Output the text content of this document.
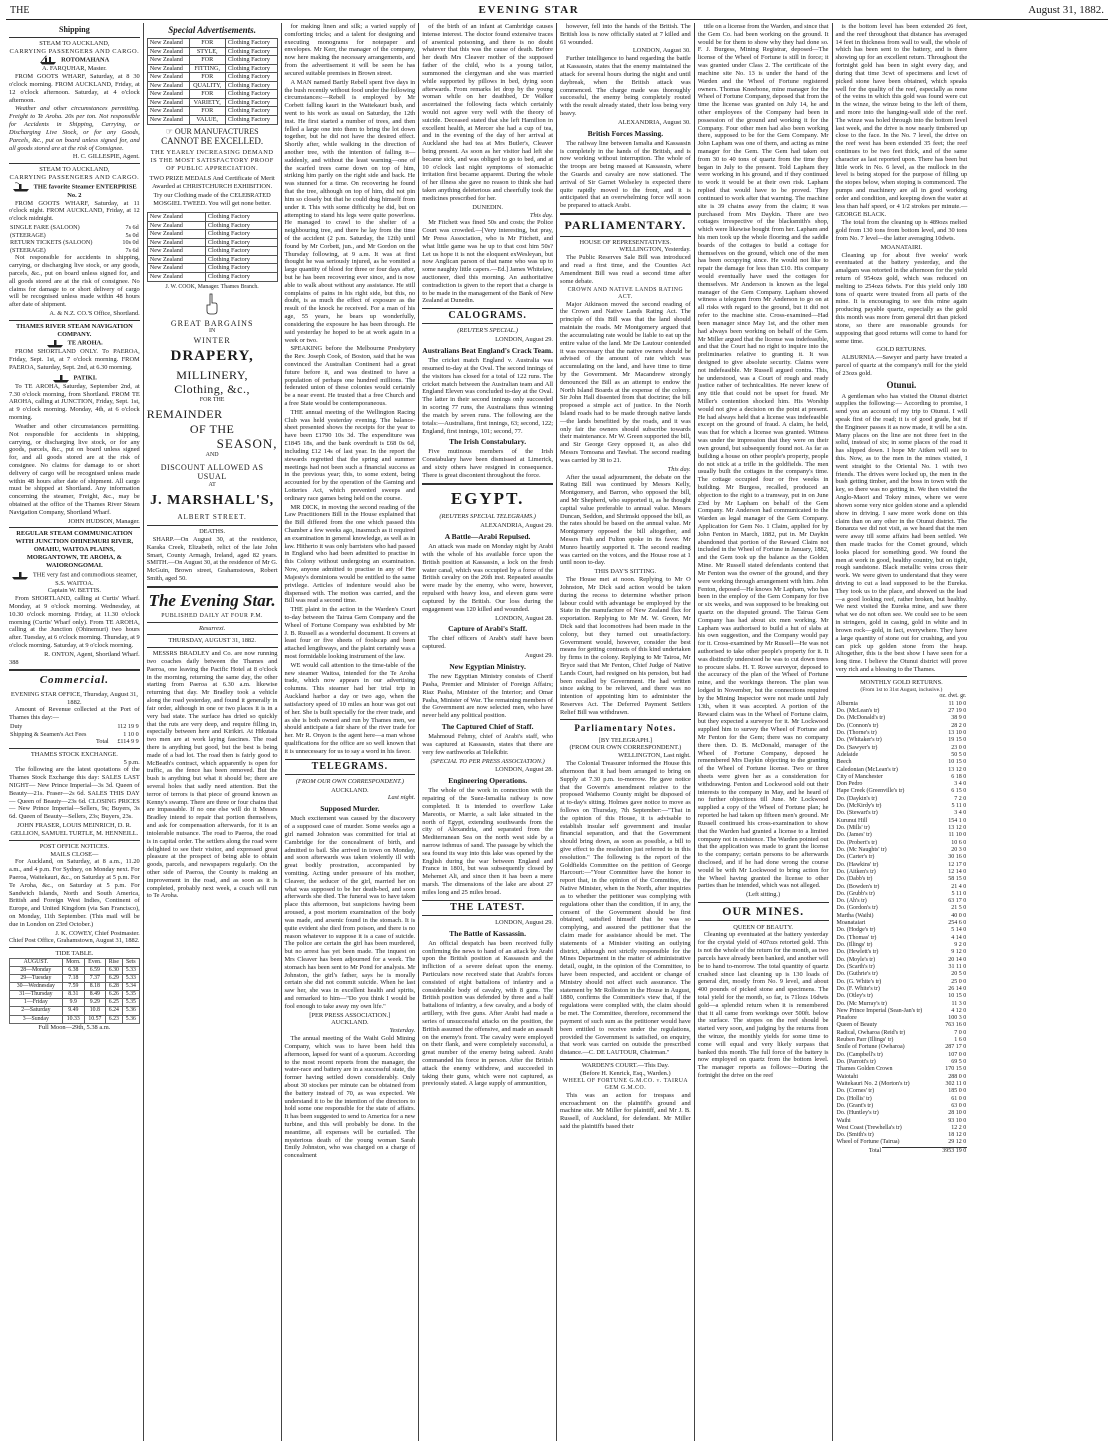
THE	EVENING STAR	August 31, 1882.
Shipping
STEAM TO AUCKLAND,
CARRYING PASSENGERS AND CARGO.
ROTOMAHANA
A. FARQUHAR, Master.

FROM GOOTS WHARF, Saturday, at 8 30 o'clock morning. FROM AUCKLAND, Friday, at 12 o'clock afternoon. Saturday, at 4 o'clock afternoon.

Weather and other circumstances permitting. Freight to Te Aroha. 20s per ton. Not responsible for Accidents in Shipping, Carrying, or Discharging Live Stock, or for any Goods, Parcels, &c., put on board unless signed for, and all goods stored are at the risk of Consignee.

H. C. GILLESPIE, Agent.
STEAM TO AUCKLAND,
CARRYING PASSENGERS AND CARGO.
THE favorite Steamer ENTERPRISE No. 2

FROM GOOTS WHARF, Saturday, at 11 o'clock night. FROM AUCKLAND, Friday, at 12 o'clock midnight.

SINGLE FARE (SALOON)	7s 6d
(STEERAGE)	5s 0d
RETURN TICKETS (SALOON)	10s 0d
(STEERAGE)	7s 6d

Not responsible for accidents in shipping, carrying, or discharging live stock, or any goods, parcels, &c., put on board unless signed for, and all goods stored are at the risk of consignee. No claims for damage to or short delivery of cargo will be recognised unless made within 48 hours after date of shipment.

A. & N.Z. CO.'S Office, Shortland.
THAMES RIVER STEAM NAVIGATION COMPANY.
TE AROHA.

FROM SHORTLAND ONLY. To PAEROA, Friday, Sept. 1st, at 7 o'clock morning. FROM PAEROA, Saturday, Sept. 2nd, at 6.30 morning.

PATIKI.

To TE AROHA, Saturday, September 2nd, at 7.30 o'clock morning, from Shortland. FROM TE AROHA, calling at JUNCTION, Friday, Sept. 1st, at 9 o'clock morning. Monday, 4th, at 6 o'clock morning.

Weather and other circumstances permitting. Not responsible for accidents in shipping, carrying, or discharging live stock, or for any goods, parcels, &c., put on board unless signed for, and all goods stored are at the risk of consignee. No claims for damage to or short delivery of cargo will be recognised unless made within 48 hours after date of shipment. All cargo must be shipped at Shortland. Any information concerning the steamer, Freight, &c., may be obtained at the office of the Thames River Steam Navigation Company, Shortland Wharf.

JOHN HUDSON, Manager.
REGULAR STEAM COMMUNICATION WITH JUNCTION OHINEMURI RIVER, OMAHU, WAITOA PLAINS, MORGANTOWN, TE AROHA, & WAIORONGOMAI.
THE very fast and commodious steamer, S.S. WAITOA.
Captain W. BETTIS.

From SHORTLAND, calling at Curtis' Wharf. Monday, at 9 o'clock morning. Wednesday, at 10.30 o'clock morning. Friday, at 11.30 o'clock morning (Curtis' Wharf only). From TE AROHA, calling at the Junction (Ohinemuri) two hours after. Tuesday, at 6 o'clock morning. Thursday, at 9 o'clock morning. Saturday, at 9 o'clock morning.

R. ONTON, Agent, Shortland Wharf.
388
Commercial.
EVENING STAR OFFICE, Thursday, August 31, 1882.

Amount of Revenue collected at the Port of Thames this day:—

Duty	112 19 9
Shipping & Seamen's Act Fees	1 10 0
Total	£114 9 9
THAMES STOCK EXCHANGE.
5 p.m.

The following are the latest quotations of the Thames Stock Exchange this day: SALES LAST NIGHT— New Prince Imperial—3s 3d. Queen of Beauty—21s. Fraser—2s 6d. SALES THIS DAY— Queen of Beauty—23s 6d. CLOSING PRICES— New Prince Imperial—Sellers, 9s; Buyers, 3s 6d. Queen of Beauty—Sellers, 23s; Buyers, 23s.

JOHN FRASER, LOUIS MEINRICH, D. R. GELLION, SAMUEL TURTLE, M. HENNEILL.
POST OFFICE NOTICES.
MAILS CLOSE—

For Auckland, on Saturday, at 8 a.m., 11.20 a.m., and 4 p.m. For Sydney, on Monday next. For Paeroa, Waitekauri, &c., on Saturday at 5 p.m. For Te Aroha, &c., on Saturday at 5 p.m. For Sandwich Islands, North and South America, British and Foreign West Indies, Continent of Europe, and United Kingdom (via San Francisco), on Monday, 11th September. (This mail will be due in London on 23rd October.)

J. K. COWEY, Chief Postmaster.
Chief Post Office, Grahamstown, August 31, 1882.
TIDE TABLE.
AUGUST.	Morn.	Even.	Rise	Sets
28—Monday	6.38	6.59	6.30	5.33
29—Tuesday	7.18	7.37	6.29	5.33
30—Wednesday	7.59	8.18	6.28	5.34
31—Thursday	8.31	8.49	6.26	5.35
1—Friday	9.9	9.29	6.25	5.35
2—Saturday	9.49	10.8	6.24	5.36
3—Sunday	10.33	10.57	6.23	5.36
Full Moon—29th, 5.38 a.m.
Special Advertisements.
New Zealand	FOR	Clothing Factory
New Zealand	STYLE,	Clothing Factory
New Zealand	FOR	Clothing Factory
New Zealand	FITTING,	Clothing Factory
New Zealand	FOR	Clothing Factory
New Zealand	QUALITY,	Clothing Factory
New Zealand	FOR	Clothing Factory
New Zealand	VARIETY,	Clothing Factory
New Zealand	FOR	Clothing Factory
New Zealand	VALUE,	Clothing Factory
☞ OUR MANUFACTURES
CANNOT BE EXCELLED.
THE YEARLY INCREASING DEMAND IS THE MOST SATISFACTORY PROOF OF PUBLIC APPRECIATION.
TWO PRIZE MEDALS And Certificate of Merit Awarded at CHRISTCHURCH EXHIBITION.
Try our Clothing made of the CELEBRATED MOSGIEL TWEED. You will get none better.
New Zealand	Clothing Factory
New Zealand	Clothing Factory
New Zealand	Clothing Factory
New Zealand	Clothing Factory
New Zealand	Clothing Factory
New Zealand	Clothing Factory
New Zealand	Clothing Factory
New Zealand	Clothing Factory
J. W. COOK, Manager. Thames Branch.
GREAT BARGAINS
IN
WINTER
DRAPERY,
MILLINERY,
Clothing, &c.,
FOR THE
REMAINDER
OF THE
SEASON,
AND
DISCOUNT ALLOWED AS USUAL
AT
J. MARSHALL'S,
ALBERT STREET.
DEATHS.

SHARP.—On August 30, at the residence, Karaka Creek, Elizabeth, relict of the late John Smart, County Armagh, Ireland, aged 82 years. SMITH.—On August 30, at the residence of Mr G. McGuin, Brown street, Grahamstown, Robert Smith, aged 50.

The Evening Star.
PUBLISHED DAILY AT FOUR P.M.
Resurrexi.
THURSDAY, AUGUST 31, 1882.

MESSRS BRADLEY and Co. are now running two coaches daily between the Thames and Paeroa, one leaving the Pacific Hotel at 8 o'clock in the morning, returning the same day, the other starting from Paeroa at 6.30 a.m. likewise returning that day. Mr Bradley took a vehicle along the road yesterday, and found it generally in fair order, although in one or two places it is in a very bad state. The surface has dried so quickly that the ruts are very deep, and require filling in, especially between here and Kirikiri. At Hikutaia two men are at work laying fascines. The road there is anything but good, but the best is being made of a bad lot. The road then is fairly good to McBeath's contract, which apparently is open for traffic, as the fence has been removed. But the bush is anything but what it should be; there are several holes that sadly need attention. But the terror of terrors is that piece of ground known as Kenny's swamp. There are three or four chains that are impassable. If no one else will do it Messrs Bradley intend to repair that portion themselves, and ask for compensation afterwards, for it is an intolerable nuisance. The road to Paeroa, the road is in capital order. The settlers along the road were delighted to see their visitor, and expressed great pleasure at the prospect of being able to obtain goods, parcels, and newspapers regularly. On the other side of Paeroa, the County is making an improvement in the road, and as soon as it is completed, probably next week, a coach will run to Te Aroha.

for making linen and silk; a varied supply of comforting tricks; and a talent for designing and executing monograms for notepaper and envelopes. Mr Kerr, the manager of the company, now here making the necessary arrangements, and from the advertisement it will be seen he has secured suitable premises in Brown street.

A MAN named Bartly Rebell spent five days in the bush recently without food under the following circumstances:—Rebell is employed by Mr Corbett falling kauri in the Waitekauri bush, and went to his work as usual on Saturday, the 12th inst. He first started a number of trees, and then felled a large one into them to bring the lot down together, but he did not have the desired effect. Shortly after, while walking in the direction of another tree, with the intention of falling it—suddenly, and without the least warning—one of the scarfed trees came down on top of him, striking him partly on the right side and back. He was stunned for a time. On recovering he found that the tree, although on top of him, did not pin him so closely but that he could drag himself from under it. This with some difficulty he did, but on attempting to stand his legs were quite powerless. He managed to crawl to the shelter of a neighbouring tree, and there he lay from the time of the accident (2 p.m. Saturday, the 12th) until found by Mr Corbett, jun., and Mr Gordon on the Thursday following, at 9 a.m. It was at first thought he was seriously injured, as he vomited a large quantity of blood for three or four days after, but he has been recovering ever since, and is now able to walk about without any assistance. He still complains of pains in his right side, but this, no doubt, is as much the effect of exposure as the result of the knock he received. For a man of his age, 55 years, he bears up wonderfully, considering the exposure he has been through. He said yesterday he hoped to be at work again in a week or two.

SPEAKING before the Melbourne Presbytery the Rev. Joseph Cook, of Boston, said that he was convinced the Australian Continent had a great future before it, and was destined to have a population of perhaps one hundred millions. The federated union of these colonies would certainly be a near event. He trusted that a free Church and a free State would be contemporaneous.

THE annual meeting of the Wellington Racing Club was held yesterday evening. The balance-sheet presented shows the receipts for the year to have been £1790 10s 3d. The expenditure was £1845 18s, and the bank overdraft is £68 0s 6d, including £12 14s of last year. In the report the stewards regretted that the spring and summer meetings had not been such a financial success as in the previous year; this, to some extent, being accounted for by the operation of the Gaming and Lotteries Act, which prevented sweeps and ordinary race games being held on the course.

MR DICK, in moving the second reading of the Law Practitioners Bill in the House explained that the Bill differed from the one which passed this Chamber a few weeks ago, inasmuch as it required an examination in general knowledge, as well as in law. Hitherto it was only barristers who had passed in England who had been admitted to practise in this Colony without undergoing an examination. Now, anyone admitted to practise in any of Her Majesty's dominions would be entitled to the same privilege. Articles of indenture would also be dispensed with. The motion was carried, and the Bill was read a second time.

THE plaint in the action in the Warden's Court to-day between the Tairua Gem Company and the Wheel of Fortune Company was exhibited by Mr J. B. Russell as a wonderful document. It covers at least four or five sheets of foolscap and been attached lengthways, and the plaint certainly was a most formidable looking instrument of the law.

WE would call attention to the time-table of the new steamer Waitoa, intended for the Te Aroha trade, which now appears in our advertising columns. This steamer had her trial trip in Auckland harbor a day or two ago, when the satisfactory speed of 10 miles an hour was got out of her. She is built specially for the river trade, and as she is both owned and run by Thames men, we should anticipate a fair share of the river trade for her. Mr R. Onyon is the agent here—a man whose qualifications for the office are so well known that it is unnecessary for us to say a word in his favor.

TELEGRAMS.
(FROM OUR OWN CORRESPONDENT.)
AUCKLAND.
Last night.
Supposed Murder.

Much excitement was caused by the discovery of a supposed case of murder. Some weeks ago a girl named Johnston was committed for trial at Cambridge for the concealment of birth, and admitted to bail. She arrived in town on Monday, and soon afterwards was taken violently ill with great bodily prostration, accompanied by vomiting. Acting under pressure of his mother, Cleaver, the seducer of the girl, married her on what was supposed to be her death-bed, and soon afterwards she died. The funeral was to have taken place this afternoon, but suspicions having been aroused, a post mortem examination of the body was made, and arsenic found in the stomach. It is quite evident she died from poison, and there is no reason whatever to suppose it is a case of suicide. The police are certain the girl has been murdered, but no arrest has yet been made. The inquest on Mrs Cleaver has been adjourned for a week. The stomach has been sent to Mr Pond for analysis. Mr Johnston, the girl's father, says he is morally certain she did not commit suicide. When he last saw her, she was in excellent health and spirits, and remarked to him—"Do you think I would be fool enough to take away my own life."

[PER PRESS ASSOCIATION.]
AUCKLAND.
Yesterday.

The annual meeting of the Waihi Gold Mining Company, which was to have been held this afternoon, lapsed for want of a quorum. According to the most recent reports from the manager, the water-race and battery are in a successful state, the former having settled down considerably. Only about 30 stockes per minute can be obtained from the battery instead of 70, as was expected. We understand it to be the intention of the directors to hold some one responsible for the state of affairs. It has been suggested to send to America for a new turbine, and this will probably be done. In the meantime, all expenses will be curtailed. The mysterious death of the young woman Sarah Emily Johnston, who was charged on a charge of concealment

of the birth of an infant at Cambridge causes intense interest. The doctor found extensive traces of arsenical poisoning, and there is no doubt whatever that this was the cause of death. Before her death Mrs Cleaver mother of the supposed father of the child, who is a young tailor, summoned the clergyman and she was married while supported by pillows in bed, dying soon afterwards. From remarks let drop by the young woman while on her deathbed, Dr Walker ascertained the following facts which certainly would not agree very well with the theory of suicide. Deceased stated that she left Hamilton in excellent health, at Mercer she had a cup of tea, and in the evening of the day of her arrival at Auckland she had tea at Mrs Butler's, Cleaver being present. As soon as her visitor had left she became sick, and was obliged to go to bed, and at 10 o'clock last night symptoms of stomachic irritation first became apparent. During the whole of her illness she gave no reason to think she had taken anything deleterious and cheerfully took the medicines prescribed for her.

DUNEDIN.
This day.

Mr Fitchett was fined 50s and costs; the Police Court was crowded.—[Very interesting, but pray, Mr Press Association, who is Mr Fitchett, and what little game was he up to that cost him 50s? Let us hope it is not the eloquent exWesleyan, but now Anglican parson of that name who was up to some naughty little capers.—Ed.] James Whitelaw, auctioneer, died this morning. An authoritative contradiction is given to the report that a charge is to be made in the management of the Bank of New Zealand at Dunedin.

CALOGRAMS.
(REUTER'S SPECIAL.)
LONDON, August 29.
Australians Beat England's Crack Team.

The cricket match England v. Australia was resumed to-day at the Oval. The second innings of the visitors has closed for a total of 122 runs. The cricket match between the Australian team and All England Eleven was concluded to-day at the Oval. The latter in their second innings only succeeded in scoring 77 runs, the Australians thus winning the match by seven runs. The following are the totals:—Australians, first innings, 63; second, 122; England, first innings, 101; second, 77.

The Irish Constabulary.

Five mutinous members of the Irish Constabulary have been dismissed at Limerick, and sixty others have resigned in consequence. There is great discontent throughout the force.

EGYPT.
(REUTERS SPECIAL TELEGRAMS.)
ALEXANDRIA, August 29.
A Battle—Arabi Repulsed.

An attack was made on Monday night by Arabi with the whole of his available force upon the British position at Kassassin, a lock on the fresh water canal, which was occupied by a force of the British cavalry on the 26th inst. Repeated assaults were made by the enemy, who were, however, repulsed with heavy loss, and eleven guns were captured by the British. Our loss during the engagement was 120 killed and wounded.

LONDON, August 28.
Capture of Arabi's Staff.

The chief officers of Arabi's staff have been captured.

August 29.
New Egyptian Ministry.

The new Egyptian Ministry consists of Cherif Pasha, Premier and Minister of Foreign Affairs; Riaz Pasha, Minister of the Interior; and Omar Pasha, Minister of War. The remaining members of the Government are now selected men, who have never held any political position.

The Captured Chief of Staff.

Mahmoud Fehmy, chief of Arabi's staff, who was captured at Kassassin, states that there are very few earthworks at Telelkibir.

(SPECIAL TO PER PRESS ASSOCIATION.)
LONDON, August 28.
Engineering Operations.

The whole of the work in connection with the repairing of the Suez-Ismailia railway is now completed. It is intended to overflow Lake Mareotis, or Marrie, a salt lake situated in the north of Egypt, extending southwards from the city of Alexandria, and separated from the Mediterranean Sea on the north west side by a narrow isthmus of sand. The passage by which the sea found its way into this lake was opened by the English during the war between England and France in 1801, but was subsequently closed by Mehemet Ali, and since then it has been a mere marsh. The dimensions of the lake are about 27 miles long and 25 miles broad.

THE LATEST.
LONDON, August 29.
The Battle of Kassassin.

An official despatch has been received fully confirming the news to hand of an attack by Arabi upon the British position at Kassassin and the infliction of a severe defeat upon the enemy. Particulars now received state that Arabi's forces consisted of eight battalions of infantry and a considerable body of cavalry, with 8 guns. The British position was defended by three and a half battalions of infantry, a few cavalry, and a body of artillery, with five guns. After Arabi had made a series of unsuccessful attacks on the position, the British assumed the offensive, and made an assault on the enemy's front. The cavalry were employed on their flank, and were completely successful, a great number of the enemy being sabred. Arabi commanded his force in person. After the British attack the enemy withdrew, and succeeded in taking their guns, which were not captured, as previously stated. A large supply of ammunition,

however, fell into the hands of the British. The British loss is now officially stated at 7 killed and 61 wounded.

LONDON, August 30.

Further intelligence to hand regarding the battle at Kassassin, states that the enemy maintained the attack for several hours during the night and until daybreak, when the British attack was commenced. The charge made was thoroughly successful, the enemy being completely routed with the result already stated, their loss being very heavy.

ALEXANDRIA, August 30.
British Forces Massing.

The railway line between Ismalia and Kassassin is completely in the hands of the British, and is now working without interruption. The whole of the troops are being massed at Kassassin, where the Guards and cavalry are now stationed. The arrival of Sir Garnet Wolseley is expected there quite rapidly moved to the front, and it is anticipated that an overwhelming force will soon be prepared to attack Arabi.

PARLIAMENTARY.
HOUSE OF REPRESENTATIVES.
WELLINGTON, Yesterday.

The Public Reserves Sale Bill was introduced and read a first time, and the Counties Act Amendment Bill was read a second time after some debate.

CROWN AND NATIVE LANDS RATING ACT.

Major Atkinson moved the second reading of the Crown and Native Lands Rating Act. The principle of this Bill was that the land should maintain the roads. Mr Montgomery argued that the accumulating rate would be liable to eat up the entire value of the land. Mr De Lautour contended it was necessary that the native owners should be advised of the amount of rate which was accumulating on the land, and have time to time by the Government. Mr Macandrew strongly denounced the Bill as an attempt to endow the North Island Boards at the expense of the colony. Sir John Hall dissented from that doctrine; the bill proposed a simple act of justice. In the North Island roads had to be made through native lands—the lands benefitted by the roads, and it was only fair the owners should subscribe towards their maintenance. Mr W. Green supported the bill, and Sir George Grey opposed it, as also did Messrs Tomoana and Tawhai. The second reading was carried by 38 to 21.

This day.

After the usual adjournment, the debate on the Rating Bill was continued by Messrs Kelly, Montgomery, and Barron, who opposed the bill, and Mr Shepherd, who supported it, as he thought capital value preferable to annual value. Messrs Duncan, Seddon, and Shrimski opposed the bill, as the rates should be based on the annual value. Mr Montgomery opposed the bill altogether, and Messrs Fish and Fulton spoke in its favor. Mr Munro heartily supported it. The second reading was carried on the voices, and the House rose at 1 until noon to-day.

THIS DAY'S SITTING.

The House met at noon. Replying to Mr O Johnston, Mr Dick said action would be taken during the recess to determine whether prison labour could with advantage be employed by the State in the manufacture of New Zealand flax for exportation. Replying to Mr M. W. Green, Mr Dick said that locomotives had been made in the colony, but they turned out unsatisfactory. Government would, however, consider the best means for getting contracts of this kind undertaken by firms in the colony. Replying to Mr Tairoa, Mr Bryce said that Mr Fenton, Chief Judge of Native Lands Court, had resigned on his pension, but had been recalled by Government. He had written since asking to be relieved, and there was no intention of appointing him to administer the Reserves Act. The Deferred Payment Settlers Relief Bill was withdrawn.

Parliamentary Notes.
[BY TELEGRAPH.]
(FROM OUR OWN CORRESPONDENT.)
WELLINGTON, Last night.

The Colonial Treasurer informed the House this afternoon that it had been arranged to bring on Supply at 7.30 p.m. to-morrow. He gave notice that the Govern's amendment relative to the proposed Waihemo County might be disposed of at to-day's sitting. Holmes gave notice to move as follows on Thursday, 7th September:—"That in the opinion of this House, it is advisable to establish insular self government and insular financial separation, and that the Government should bring down, as soon as possible, a bill to give effect to the resolution just referred to in this resolution." The following is the report of the Goldfields Committee on the petition of George Harcourt:—"Your Committee have the honor to report that, in the opinion of the Committee, the Native Minister, when in the North, after inquiries as to whether the petitioner was complying with regulations other than the condition, if in any, the consent of the Government should be first obtained, satisfied himself that he was so complying, and assured the petitioner that the claim made for assistance should be met. The statements of a Minister visiting an outlying district, although not strictly responsible for the Mines Department in the matter of administrative detail, ought, in the opinion of the Committee, to have been respected, and accident or change of Ministry should not affect such assurance. The statement by Mr Rolleston in the House in August, 1880, confirms the Committee's view that, if the regulations were complied with, the claim should be met. The Committee, therefore, recommend the payment of such sum as the petitioner would have been entitled to receive under the regulations, provided the Government is satisfied, on enquiry, that work was carried on outside the prescribed distance.—C. DE LAUTOUR, Chairman."

WARDEN'S COURT.—This Day.
(Before H. Kenrick, Esq., Warden.)
WHEEL OF FORTUNE G.M.CO. v. TAIRUA GEM G.M.CO.

This was an action for trespass and encroachment on the plaintiff's ground and machine site. Mr Miller for plaintiff, and Mr J. B. Russell, of Auckland, for defendant. Mr Miller said the plaintiffs based their

title on a license from the Warden, and since that the Gem Co. had been working on the ground. It would be for them to show why they had done so. F. J. Burgess, Mining Registrar, deposed—The license of the Wheel of Fortune is still in force; it was granted under Class 2. The certificate of the machine site No. 13 is under the hand of the Warden and the Wheel of Fortune registered owners. Thomas Kneebone, mine manager for the Wheel of Fortune Company, deposed that from the time the license was granted on July 14, he and other employees of the Company had been in possession of the ground and working it for the Company. Four other men had also been working there, supposed to be for the Gem Company. Mr John Lapham was one of them, and acting as mine manager for the Gem. The Gem had taken out from 30 to 40 tons of quartz from the time they began in July to the present. Told Lapham they were working in his ground, and if they continued to work it would be at their own risk. Lapham replied that would have to be proved. They continued to work after that warning. The machine site is 39 chains away from the claim; it was purchased from Mrs Daykin. There are two cottages irrespective of the blacksmith's shop, which were likewise bought from her. Lapham and his men took up the whole flooring and the saddle boards of the cottages to build a cottage for themselves on the ground, which one of the men has been occupying since. He would not like to repair the damage for less than £10. His company would eventually have used the cottages for themselves. Mr Anderson is known as the legal manager of the Gem Company. Lapham showed witness a telegram from Mr Anderson to go on at all risks with regard to the ground, but it did not refer to the machine site. Cross-examined—Had been manager since May 1st, and the other men had always been working on behalf of the Gem. Mr Miller argued that the license was indefeasible, and that the Court had no right to inquire into the preliminaries relative to granting it. It was designed to give absolute security. Claims were not indefeasible. Mr Russell argued contra. This, he understood, was a Court of rough and ready justice rather of technicalities. He never knew of any title that could not be upset for fraud. Mr Miller's contention shocked him. His Worship would not give a decision on the point at present. He had always held that a license was indefeasible except on the ground of fraud. A claim, he held, was that for which a license was granted. Witness was under the impression that they were on their own ground, but subsequently found not. As far as building a house on other people's property, people do not stick at a trifle in the goldfields. The men usually built the cottages in the company's time. The cottage occupied four or five weeks in building. Mr Burgess, recalled, produced an objection to the right to a tramway, put in on June 23rd by Mr Lapham on behalf of the Gem Company. Mr Anderson had communicated to the Warden as legal manager of the Gem Company. Application for Gem No. 1 Claim, applied for by John Fenton in March, 1882, put in. Mr Daykin abandoned that portion of the Reward Claim not included in the Wheel of Fortune in January, 1882, and the Gem took up the balance as the Golden Mine. Mr Russell stated defendants contend that Mr Fenton was the owner of the ground, and they were working through arrangement with him. John Fenton, deposed—He knows Mr Lapham, who has been in the employ of the Gem Company for five or six weeks, and was supposed to be breaking out quartz on the disputed ground. The Tairua Gem Company has had about six men working. Mr Lapham was authorised to build a hut of slabs at his own suggestion, and the Company would pay for it. Cross-examined by Mr Russell—He was not authorised to take other people's property for it. It was distinctly understood he was to cut down trees to procure slabs. H. T. Rowe surveyor, deposed to the accuracy of the plan of the Wheel of Fortune mine, and the workings thereon. The plan was lodged in November, but the connections required by the Mining Inspector were not made until July 13th, when it was accepted. A portion of the Reward claim was in the Wheel of Fortune claim, but they expected a surveyor for it. Mr Lockwood supplied him to survey the Wheel of Fortune and Mr Fenton for the Gem; there was no company there then. D. B. McDonald, manager of the Wheel of Fortune Company, deposed he remembered Mrs Daykin objecting to the granting of the Wheel of Fortune license. Two or three sheets were given her as a consideration for withdrawing. Fenton and Lockwood sold out their interests to the company in May, and he heard of no further objections till June. Mr Lockwood supplied a copy of the Wheel of Fortune plan; he reported he had taken up fifteen men's ground. Mr Russell continued his cross-examination to show that the Warden had granted a license to a limited company not in existence. The Warden pointed out that the application was made to grant the license to the company; certain persons to be afterwards disclosed, and if he had done wrong the course would be with Mr Lockwood to bring action for the Wheel having granted the license to other parties than he intended, which was not alleged.

(Left sitting.)
OUR MINES.
QUEEN OF BEAUTY.

Cleaning up eventuated at the battery yesterday for the crystal yield of 407ozs retorted gold. This is not the whole of the return for the month, as two parcels have already been banked, and another will be to hand to-morrow. The total quantity of quartz crushed since last cleaning up is 130 loads of general dirt, mostly from No. 9 level, and about 400 pounds of picked stone and specimens. The total yield for the month, so far, is 71lozs 16dwts gold—a splendid return when it is remembered that it all came from workings over 500ft. below the surface. The stopes on the reef should be started very soon, and judging by the returns from the winze, the monthly yields for some time to come will equal and very likely surpass that banked this month. The full force of the battery is now employed on quartz from the bottom level. The manager reports as follows:—During the fortnight the drive on the reef

is the bottom level has been extended 26 feet, and the reef throughout that distance has averaged 14 feet in thickness from wall to wall, the whole of which has been sent to the battery, and is there showing up for an excellent return. Throughout the fortnight gold has been in sight every day, and during that time 3cwt of specimens and lcwt of picked stone have been obtained, which speaks well for the quality of the reef, especially as none of the veins in which this gold was found were cut in the winze, the winze being to the left of them, and more into the hanging-wall side of the reef. The winze was holed through into the bottom level last week, and the drive is now nearly timbered up close to the face. In the No. 7 level, the drive on the reef west has been extended 35 feet; the reef continues to be two feet thick, and of the same character as last reported upon. There has been but little work in No. 6 level, as the mullock in the level is being stoped for the purpose of filling up the stopes below, when stoping is commenced. The pumps and machinery are all in good working order and condition, and keeping down the water at less than half speed, or 4 1/2 strokes per minute.—GEORGE BLACK.

The total from the cleaning up is 489ozs melted gold from 130 tons from bottom level, and 30 tons from No. 7 level—the latter averaging 10dwts.

MOANATAIRI.

Cleaning up for about five weeks' work eventuated at the battery yesterday, and the amalgam was retorted in the afternoon for the yield return of 954ozs gold, which was reduced on melting to 254ozs 6dwts. For this yield only 180 tons of quartz were treated from all parts of the mine. It is encouraging to see this mine again producing payable quartz, especially as the gold this month was more from general dirt than picked stone, so there are reasonable grounds for supposing that good returns will come to hand for some time.

GOLD RETURNS.

ALBURNIA.—Sawyer and party have treated a parcel of quartz at the company's mill for the yield of 23ozs gold.

Otunui.

A gentleman who has visited the Otunui district supplies the following:— According to promise, I send you an account of my trip to Otunui. I will speak first of the road; it is of good grade, but if the Engineer passes it as now made, it will be a sin. Many places on the line are not three feet in the solid, instead of six; in some places of the road it has slipped down. I hope Mr Aitken will see to this. Now, as to the men in the mines visited, I went straight to the Oriental No. 1 with two friends. The drives were locked up, the men in the bush getting timber, and the boss in town with the key, so there was no getting in. We then visited the Anglo-Maori and Tokey mines, where we were shown some very nice golden stone and a splendid show in driving. I saw more work done on this claim than on any other in the Otunui district. The Bonanza we did not visit, as we heard that the men were away till some affairs had been settled. We then made tracks for the Comet ground, which looks placed for something good. We found the men at work in good, healthy country, but on tight, rough sandstone. Black metallic veins cross their work. We were given to understand that they were driving to cut a lead supposed to be the Eureka. They took us to the place, and showed us the lead—a good looking reef, rather broken, but healthy. We next visited the Eureka mine, and saw there what we do not often see. We could see to be seen in stringers, gold in casing, gold in white and in brown rock—gold, in fact, everywhere. They have a large quantity of stone out for crushing, and you can pick up golden stone from the heap. Altogether, this is the best show I have seen for a long time. I believe the Otunui district will prove very rich and a blessing to the Thames.

MONTHLY GOLD RETURNS.
(From 1st to 31st August, inclusive.)
	oz. dwt. gr.
Alburnia	11 10 0
Do. (McLean's tr)	27 19 0
Do. (McDonald's tr)	38 9 0
Do. (Connon's tr)	28 2 0
Do. (Thorne's tr)	13 10 0
Do. (Whitaker's tr)	19 15 0
Do. (Sawyer's tr)	23 0 0
Adelaide	50 5 0
Beech	10 15 0
Caledonian (McLean's tr)	13 12 0
City of Manchester	6 18 0
Don Pedro	3 4 0
Hape Creek (Greenville's tr)	6 15 0
Do. (Daykin's tr)	7 2 0
Do. (McKirdy's tr)	5 11 0
Do. (Stewart's tr)	3 4 0
Kurunui Hill	154 1 0
Do. (Mills' tr)	13 12 0
Do. (James' tr)	11 10 0
Do. (Probert's tr)	10 6 0
Do. (Mc Naughts' tr)	20 3 0
Do. (Carter's tr)	30 16 0
Do. (Hawkins' tr)	12 17 0
Do. (Aitken's tr)	12 14 0
Do. (Dabb's tr)	58 15 0
Do. (Bowden's tr)	21 4 0
Do. (Grubb's tr)	5 11 0
Do. (Ah's tr)	63 17 0
Do. (Gordon's tr)	21 5 0
Martha (Waihi)	40 0 0
Moanataiari	254 6 0
Do. (Hodge's tr)	5 14 0
Do. (Thomas' tr)	4 14 0
Do. (Illings' tr)	9 2 0
Do. (Hewlett's tr)	9 12 0
Do. (Moyle's tr)	20 14 0
Do. (Scarth's tr)	31 11 0
Do. (Guthrie's tr)	20 5 0
Do. (G. White's tr)	25 0 0
Do. (F. White's tr)	26 14 0
Do. (Otley's tr)	10 15 0
Do. (Mc Murray's tr)	11 3 0
New Prince Imperial (Sean-Jan's tr)	4 12 0
Pinafore	100 3 0
Queen of Beauty	763 16 0
Radical, Owharoa (Reid's tr)	7 0 0
Reuben Parr (Illings' tr)	1 6 0
Smile of Fortune (Owharoa)	287 17 0
Do. (Campbell's tr)	107 0 0
Do. (Parrott's tr)	69 5 0
Thames Golden Crown	170 15 0
Waiotahi	288 0 0
Waitekauri No. 2 (Morton's tr)	302 11 0
Do. (Cornes' tr)	185 0 0
Do. (Hollis' tr)	61 0 0
Do. (Grant's tr)	63 0 0
Do. (Huntley's tr)	28 10 0
Waihi	93 10 0
West Coast (Trewhella's tr)	12 2 0
Do. (Smith's tr)	18 12 0
Wheel of Fortune (Tairua)	29 12 0
Total	3953 19 0
